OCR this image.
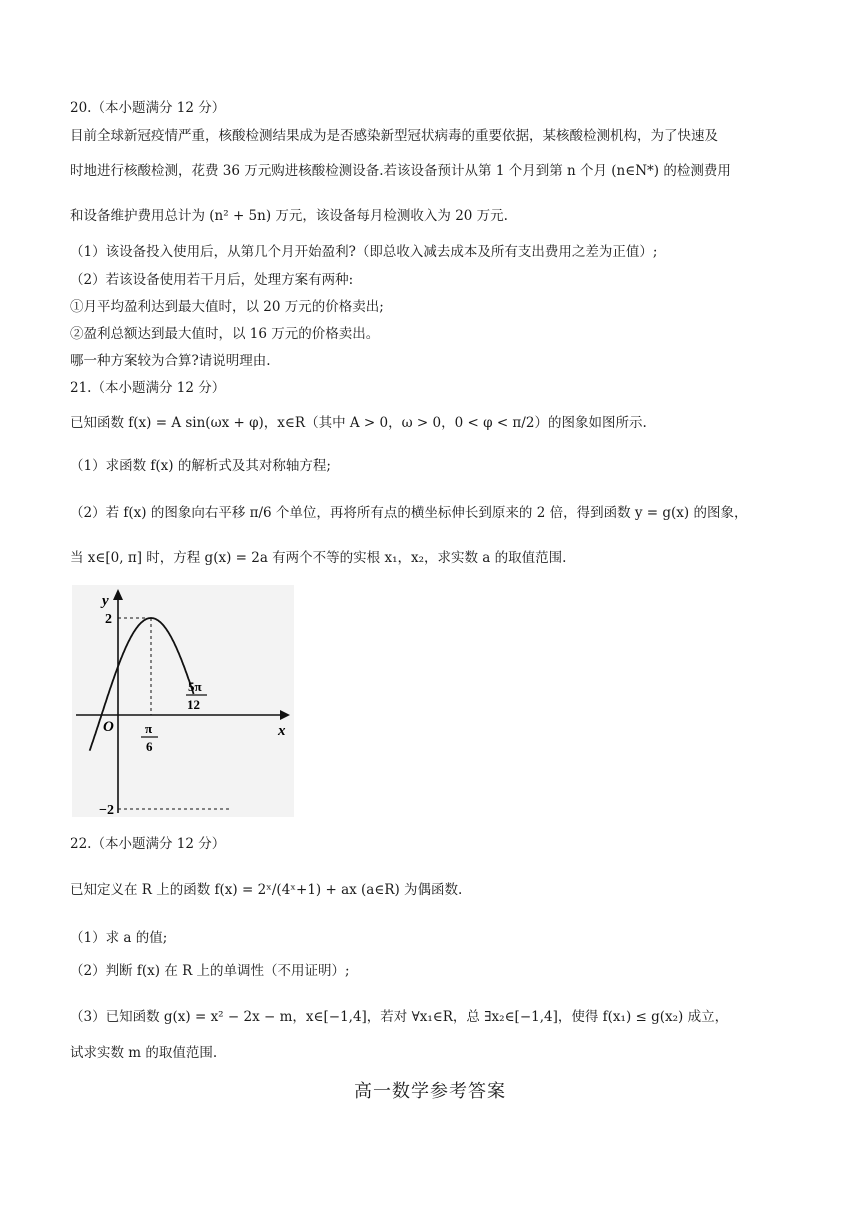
20.（本小题满分 12 分）
目前全球新冠疫情严重，核酸检测结果成为是否感染新型冠状病毒的重要依据，某核酸检测机构，为了快速及
时地进行核酸检测，花费 36 万元购进核酸检测设备.若该设备预计从第 1 个月到第 n 个月 (n∈N*) 的检测费用
和设备维护费用总计为 (n² + 5n) 万元，该设备每月检测收入为 20 万元.
（1）该设备投入使用后，从第几个月开始盈利?（即总收入减去成本及所有支出费用之差为正值）;
（2）若该设备使用若干月后，处理方案有两种:
①月平均盈利达到最大值时，以 20 万元的价格卖出;
②盈利总额达到最大值时，以 16 万元的价格卖出。
哪一种方案较为合算?请说明理由.
21.（本小题满分 12 分）
已知函数 f(x) = A sin(ωx + φ)，x∈R（其中 A > 0，ω > 0，0 < φ < π/2）的图象如图所示.
（1）求函数 f(x) 的解析式及其对称轴方程;
（2）若 f(x) 的图象向右平移 π/6 个单位，再将所有点的横坐标伸长到原来的 2 倍，得到函数 y = g(x) 的图象，
当 x∈[0, π] 时，方程 g(x) = 2a 有两个不等的实根 x₁，x₂，求实数 a 的取值范围.
y
x
O
2
−2
π
6
5π
12
22.（本小题满分 12 分）
已知定义在 R 上的函数 f(x) = 2ˣ/(4ˣ+1) + ax (a∈R) 为偶函数.
（1）求 a 的值;
（2）判断 f(x) 在 R 上的单调性（不用证明）;
（3）已知函数 g(x) = x² − 2x − m，x∈[−1,4]，若对 ∀x₁∈R，总 ∃x₂∈[−1,4]，使得 f(x₁) ≤ g(x₂) 成立，
试求实数 m 的取值范围.
高一数学参考答案
